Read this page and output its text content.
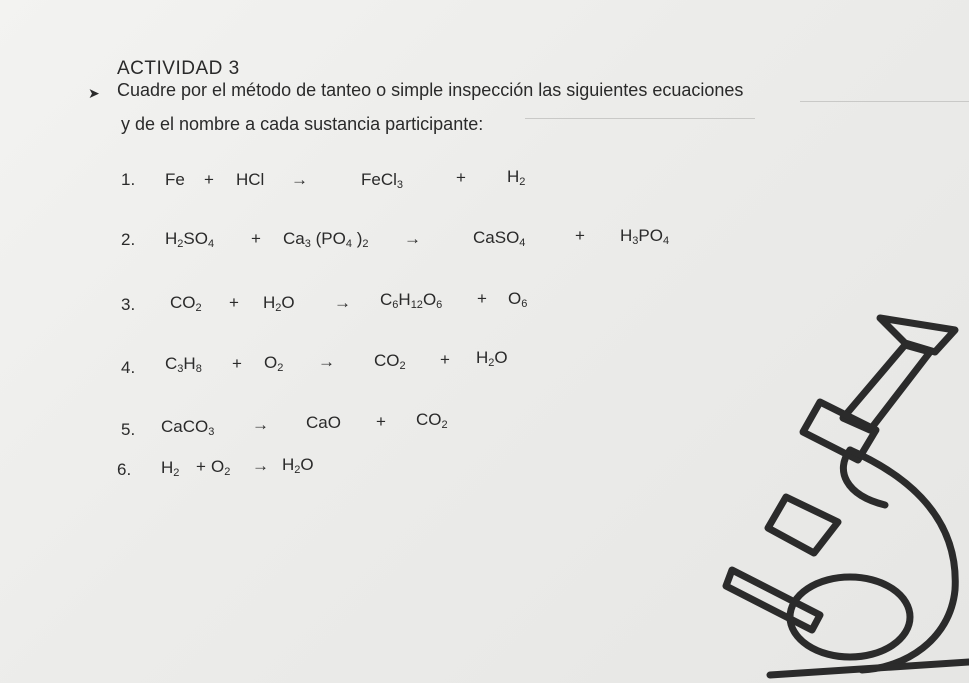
ACTIVIDAD 3
➤ Cuadre por el método de tanteo o simple inspección las siguientes ecuaciones
y de el nombre a cada sustancia participante:
1. Fe + HCl →	FeCl$_3$	+ $H_2$
2. $H_2SO_4 + Ca_3$ ($PO_4$ )$_2$ →	CaSO$_4$	+ $H_3PO_4$
3. $CO_2 + H_2O \to C_6H_{12}O_6 + O_6$
4. $C_3H_8 + O_2 \to CO_2 + H_2O$
5. CaCO$_3$ → CaO + $CO_2$
6. $H_2 + O_2 \to H_2O$
